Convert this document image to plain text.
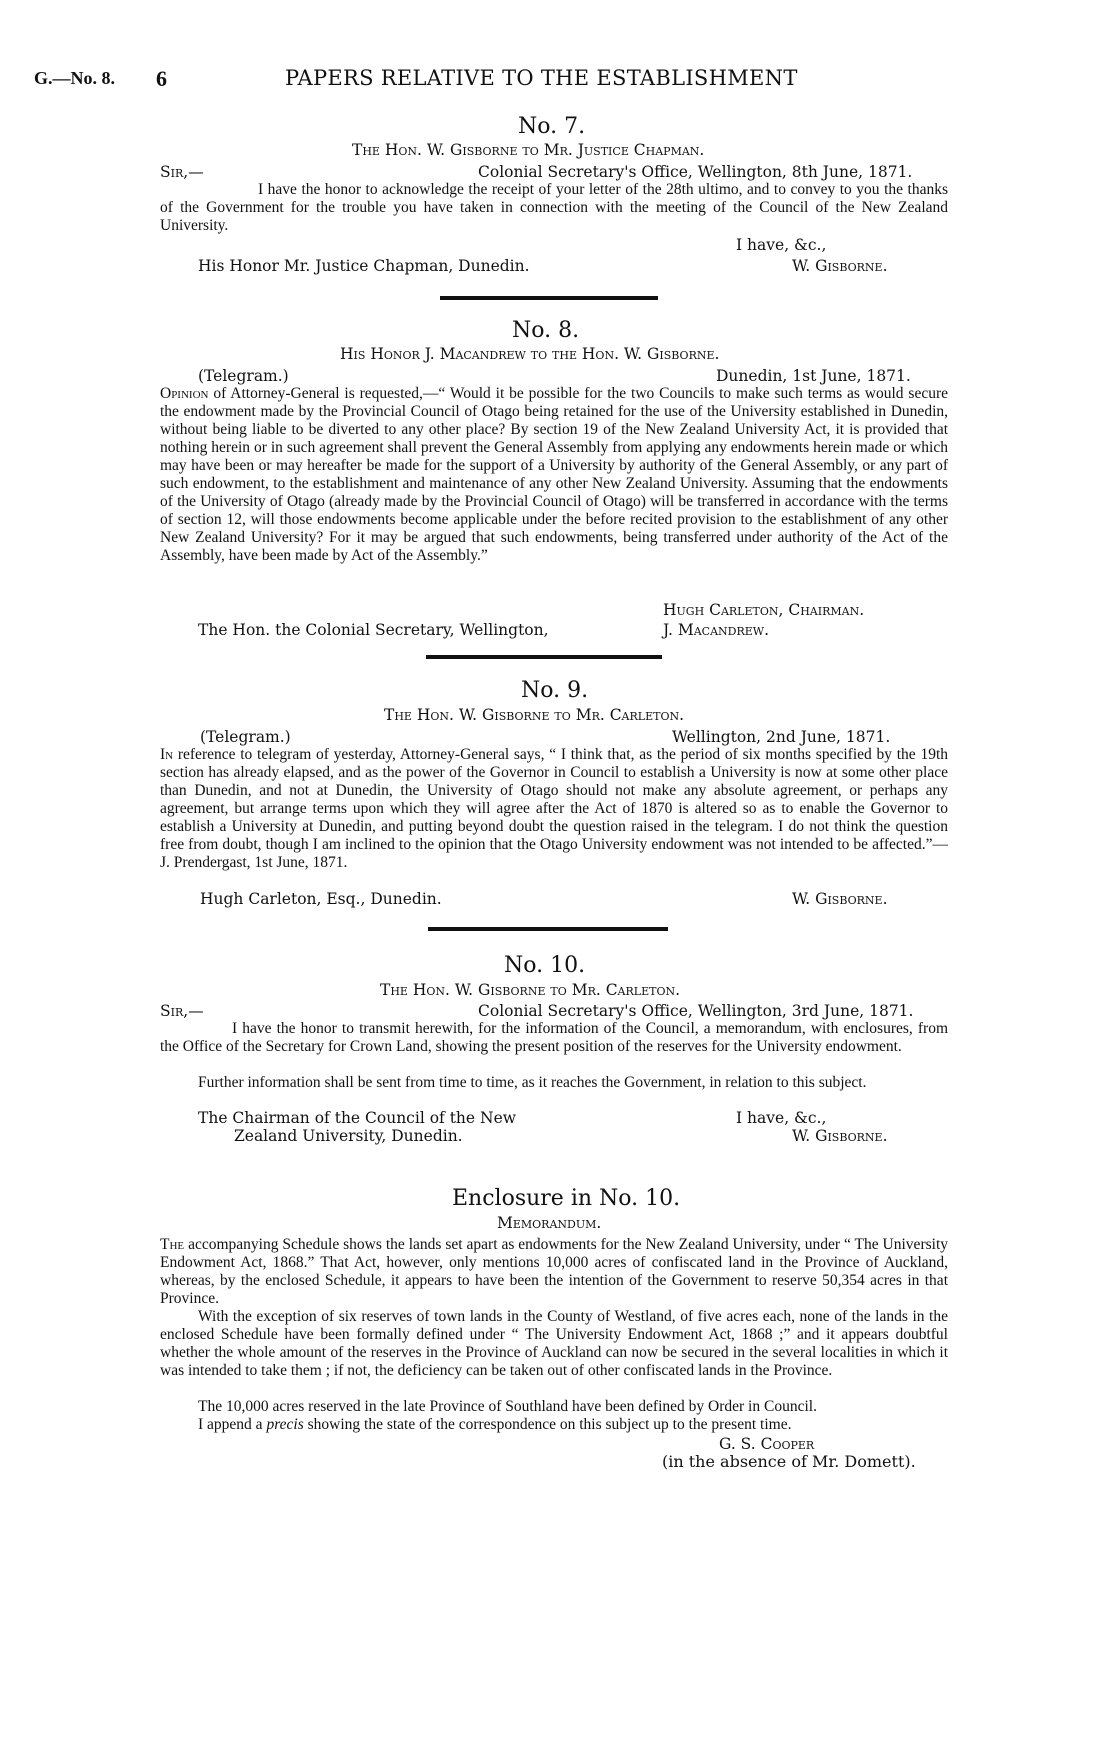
G.—No. 8. 6	PAPERS RELATIVE TO THE ESTABLISHMENT
No. 7.
The Hon. W. Gisborne to Mr. Justice Chapman.
Sir,—	Colonial Secretary's Office, Wellington, 8th June, 1871.
I have the honor to acknowledge the receipt of your letter of the 28th ultimo, and to convey to you the thanks of the Government for the trouble you have taken in connection with the meeting of the Council of the New Zealand University.
I have, &c.,
His Honor Mr. Justice Chapman, Dunedin.	W. Gisborne.
No. 8.
His Honor J. Macandrew to the Hon. W. Gisborne.
(Telegram.)	Dunedin, 1st June, 1871.
Opinion of Attorney-General is requested,—“ Would it be possible for the two Councils to make such terms as would secure the endowment made by the Provincial Council of Otago being retained for the use of the University established in Dunedin, without being liable to be diverted to any other place? By section 19 of the New Zealand University Act, it is provided that nothing herein or in such agreement shall prevent the General Assembly from applying any endowments herein made or which may have been or may hereafter be made for the support of a University by authority of the General Assembly, or any part of such endowment, to the establishment and maintenance of any other New Zealand University. Assuming that the endowments of the University of Otago (already made by the Provincial Council of Otago) will be transferred in accordance with the terms of section 12, will those endowments become applicable under the before recited provision to the establishment of any other New Zealand University? For it may be argued that such endowments, being transferred under authority of the Act of the Assembly, have been made by Act of the Assembly.”
Hugh Carleton, Chairman.
The Hon. the Colonial Secretary, Wellington,	J. Macandrew.
No. 9.
The Hon. W. Gisborne to Mr. Carleton.
(Telegram.)	Wellington, 2nd June, 1871.
In reference to telegram of yesterday, Attorney-General says, “ I think that, as the period of six months specified by the 19th section has already elapsed, and as the power of the Governor in Council to establish a University is now at some other place than Dunedin, and not at Dunedin, the University of Otago should not make any absolute agreement, or perhaps any agreement, but arrange terms upon which they will agree after the Act of 1870 is altered so as to enable the Governor to establish a University at Dunedin, and putting beyond doubt the question raised in the telegram. I do not think the question free from doubt, though I am inclined to the opinion that the Otago University endowment was not intended to be affected.”—J. Prendergast, 1st June, 1871.
Hugh Carleton, Esq., Dunedin.	W. Gisborne.
No. 10.
The Hon. W. Gisborne to Mr. Carleton.
Sir,—	Colonial Secretary's Office, Wellington, 3rd June, 1871.
I have the honor to transmit herewith, for the information of the Council, a memorandum, with enclosures, from the Office of the Secretary for Crown Land, showing the present position of the reserves for the University endowment.
Further information shall be sent from time to time, as it reaches the Government, in relation to this subject.
The Chairman of the Council of the New	I have, &c.,
Zealand University, Dunedin.	W. Gisborne.
Enclosure in No. 10.
Memorandum.
The accompanying Schedule shows the lands set apart as endowments for the New Zealand University, under “ The University Endowment Act, 1868.” That Act, however, only mentions 10,000 acres of confiscated land in the Province of Auckland, whereas, by the enclosed Schedule, it appears to have been the intention of the Government to reserve 50,354 acres in that Province.
With the exception of six reserves of town lands in the County of Westland, of five acres each, none of the lands in the enclosed Schedule have been formally defined under “ The University Endowment Act, 1868 ;” and it appears doubtful whether the whole amount of the reserves in the Province of Auckland can now be secured in the several localities in which it was intended to take them ; if not, the deficiency can be taken out of other confiscated lands in the Province.
The 10,000 acres reserved in the late Province of Southland have been defined by Order in Council.
I append a precis showing the state of the correspondence on this subject up to the present time.
G. S. Cooper
(in the absence of Mr. Domett).
